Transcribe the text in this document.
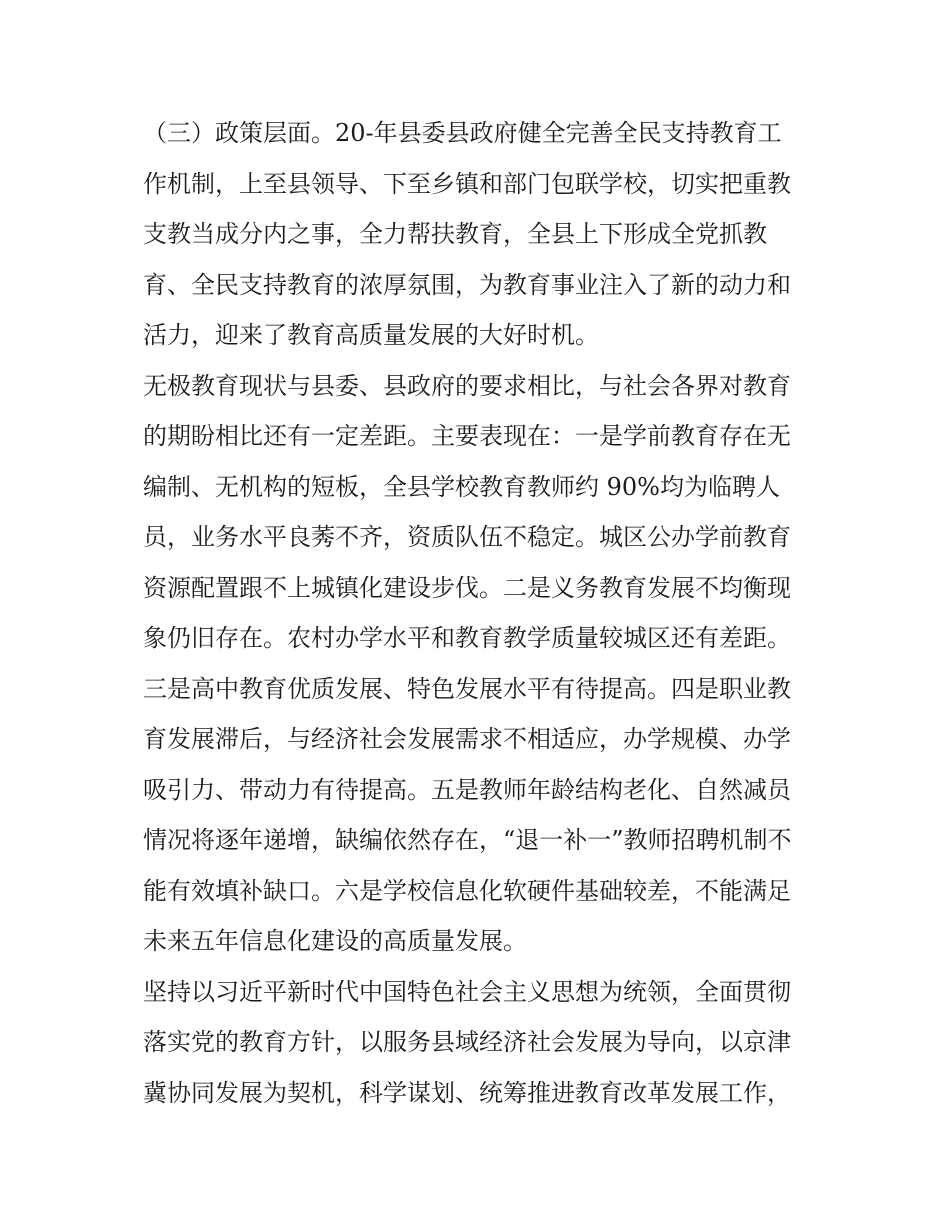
（三）政策层面。20-年县委县政府健全完善全民支持教育工
作机制，上至县领导、下至乡镇和部门包联学校，切实把重教
支教当成分内之事，全力帮扶教育，全县上下形成全党抓教
育、全民支持教育的浓厚氛围，为教育事业注入了新的动力和
活力，迎来了教育高质量发展的大好时机。
无极教育现状与县委、县政府的要求相比，与社会各界对教育
的期盼相比还有一定差距。主要表现在：一是学前教育存在无
编制、无机构的短板，全县学校教育教师约 90%均为临聘人
员，业务水平良莠不齐，资质队伍不稳定。城区公办学前教育
资源配置跟不上城镇化建设步伐。二是义务教育发展不均衡现
象仍旧存在。农村办学水平和教育教学质量较城区还有差距。
三是高中教育优质发展、特色发展水平有待提高。四是职业教
育发展滞后，与经济社会发展需求不相适应，办学规模、办学
吸引力、带动力有待提高。五是教师年龄结构老化、自然减员
情况将逐年递增，缺编依然存在，“退一补一”教师招聘机制不
能有效填补缺口。六是学校信息化软硬件基础较差，不能满足
未来五年信息化建设的高质量发展。
坚持以习近平新时代中国特色社会主义思想为统领，全面贯彻
落实党的教育方针，以服务县域经济社会发展为导向，以京津
冀协同发展为契机，科学谋划、统筹推进教育改革发展工作，
